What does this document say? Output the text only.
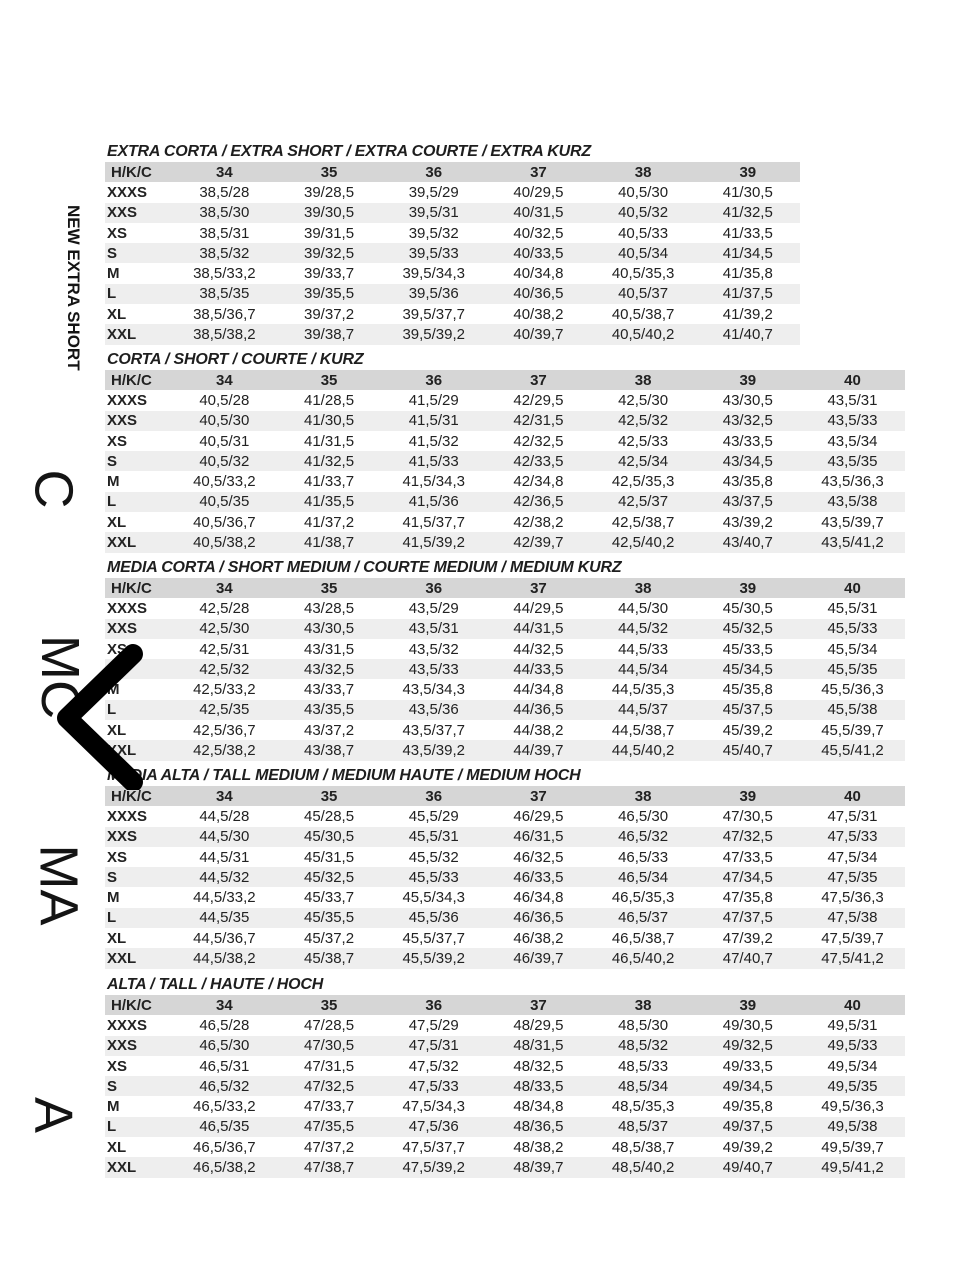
NEW EXTRA SHORT
C
MC
MA
A
EXTRA CORTA / EXTRA SHORT / EXTRA COURTE / EXTRA KURZ
H/K/C	34	35	36	37	38	39
XXXS	38,5/28	39/28,5	39,5/29	40/29,5	40,5/30	41/30,5
XXS	38,5/30	39/30,5	39,5/31	40/31,5	40,5/32	41/32,5
XS	38,5/31	39/31,5	39,5/32	40/32,5	40,5/33	41/33,5
S	38,5/32	39/32,5	39,5/33	40/33,5	40,5/34	41/34,5
M	38,5/33,2	39/33,7	39,5/34,3	40/34,8	40,5/35,3	41/35,8
L	38,5/35	39/35,5	39,5/36	40/36,5	40,5/37	41/37,5
XL	38,5/36,7	39/37,2	39,5/37,7	40/38,2	40,5/38,7	41/39,2
XXL	38,5/38,2	39/38,7	39,5/39,2	40/39,7	40,5/40,2	41/40,7
CORTA / SHORT / COURTE / KURZ
H/K/C	34	35	36	37	38	39	40
XXXS	40,5/28	41/28,5	41,5/29	42/29,5	42,5/30	43/30,5	43,5/31
XXS	40,5/30	41/30,5	41,5/31	42/31,5	42,5/32	43/32,5	43,5/33
XS	40,5/31	41/31,5	41,5/32	42/32,5	42,5/33	43/33,5	43,5/34
S	40,5/32	41/32,5	41,5/33	42/33,5	42,5/34	43/34,5	43,5/35
M	40,5/33,2	41/33,7	41,5/34,3	42/34,8	42,5/35,3	43/35,8	43,5/36,3
L	40,5/35	41/35,5	41,5/36	42/36,5	42,5/37	43/37,5	43,5/38
XL	40,5/36,7	41/37,2	41,5/37,7	42/38,2	42,5/38,7	43/39,2	43,5/39,7
XXL	40,5/38,2	41/38,7	41,5/39,2	42/39,7	42,5/40,2	43/40,7	43,5/41,2
MEDIA CORTA / SHORT MEDIUM / COURTE MEDIUM / MEDIUM KURZ
H/K/C	34	35	36	37	38	39	40
XXXS	42,5/28	43/28,5	43,5/29	44/29,5	44,5/30	45/30,5	45,5/31
XXS	42,5/30	43/30,5	43,5/31	44/31,5	44,5/32	45/32,5	45,5/33
XS	42,5/31	43/31,5	43,5/32	44/32,5	44,5/33	45/33,5	45,5/34
S	42,5/32	43/32,5	43,5/33	44/33,5	44,5/34	45/34,5	45,5/35
M	42,5/33,2	43/33,7	43,5/34,3	44/34,8	44,5/35,3	45/35,8	45,5/36,3
L	42,5/35	43/35,5	43,5/36	44/36,5	44,5/37	45/37,5	45,5/38
XL	42,5/36,7	43/37,2	43,5/37,7	44/38,2	44,5/38,7	45/39,2	45,5/39,7
XXL	42,5/38,2	43/38,7	43,5/39,2	44/39,7	44,5/40,2	45/40,7	45,5/41,2
MEDIA ALTA / TALL MEDIUM / MEDIUM HAUTE / MEDIUM HOCH
H/K/C	34	35	36	37	38	39	40
XXXS	44,5/28	45/28,5	45,5/29	46/29,5	46,5/30	47/30,5	47,5/31
XXS	44,5/30	45/30,5	45,5/31	46/31,5	46,5/32	47/32,5	47,5/33
XS	44,5/31	45/31,5	45,5/32	46/32,5	46,5/33	47/33,5	47,5/34
S	44,5/32	45/32,5	45,5/33	46/33,5	46,5/34	47/34,5	47,5/35
M	44,5/33,2	45/33,7	45,5/34,3	46/34,8	46,5/35,3	47/35,8	47,5/36,3
L	44,5/35	45/35,5	45,5/36	46/36,5	46,5/37	47/37,5	47,5/38
XL	44,5/36,7	45/37,2	45,5/37,7	46/38,2	46,5/38,7	47/39,2	47,5/39,7
XXL	44,5/38,2	45/38,7	45,5/39,2	46/39,7	46,5/40,2	47/40,7	47,5/41,2
ALTA / TALL / HAUTE / HOCH
H/K/C	34	35	36	37	38	39	40
XXXS	46,5/28	47/28,5	47,5/29	48/29,5	48,5/30	49/30,5	49,5/31
XXS	46,5/30	47/30,5	47,5/31	48/31,5	48,5/32	49/32,5	49,5/33
XS	46,5/31	47/31,5	47,5/32	48/32,5	48,5/33	49/33,5	49,5/34
S	46,5/32	47/32,5	47,5/33	48/33,5	48,5/34	49/34,5	49,5/35
M	46,5/33,2	47/33,7	47,5/34,3	48/34,8	48,5/35,3	49/35,8	49,5/36,3
L	46,5/35	47/35,5	47,5/36	48/36,5	48,5/37	49/37,5	49,5/38
XL	46,5/36,7	47/37,2	47,5/37,7	48/38,2	48,5/38,7	49/39,2	49,5/39,7
XXL	46,5/38,2	47/38,7	47,5/39,2	48/39,7	48,5/40,2	49/40,7	49,5/41,2
